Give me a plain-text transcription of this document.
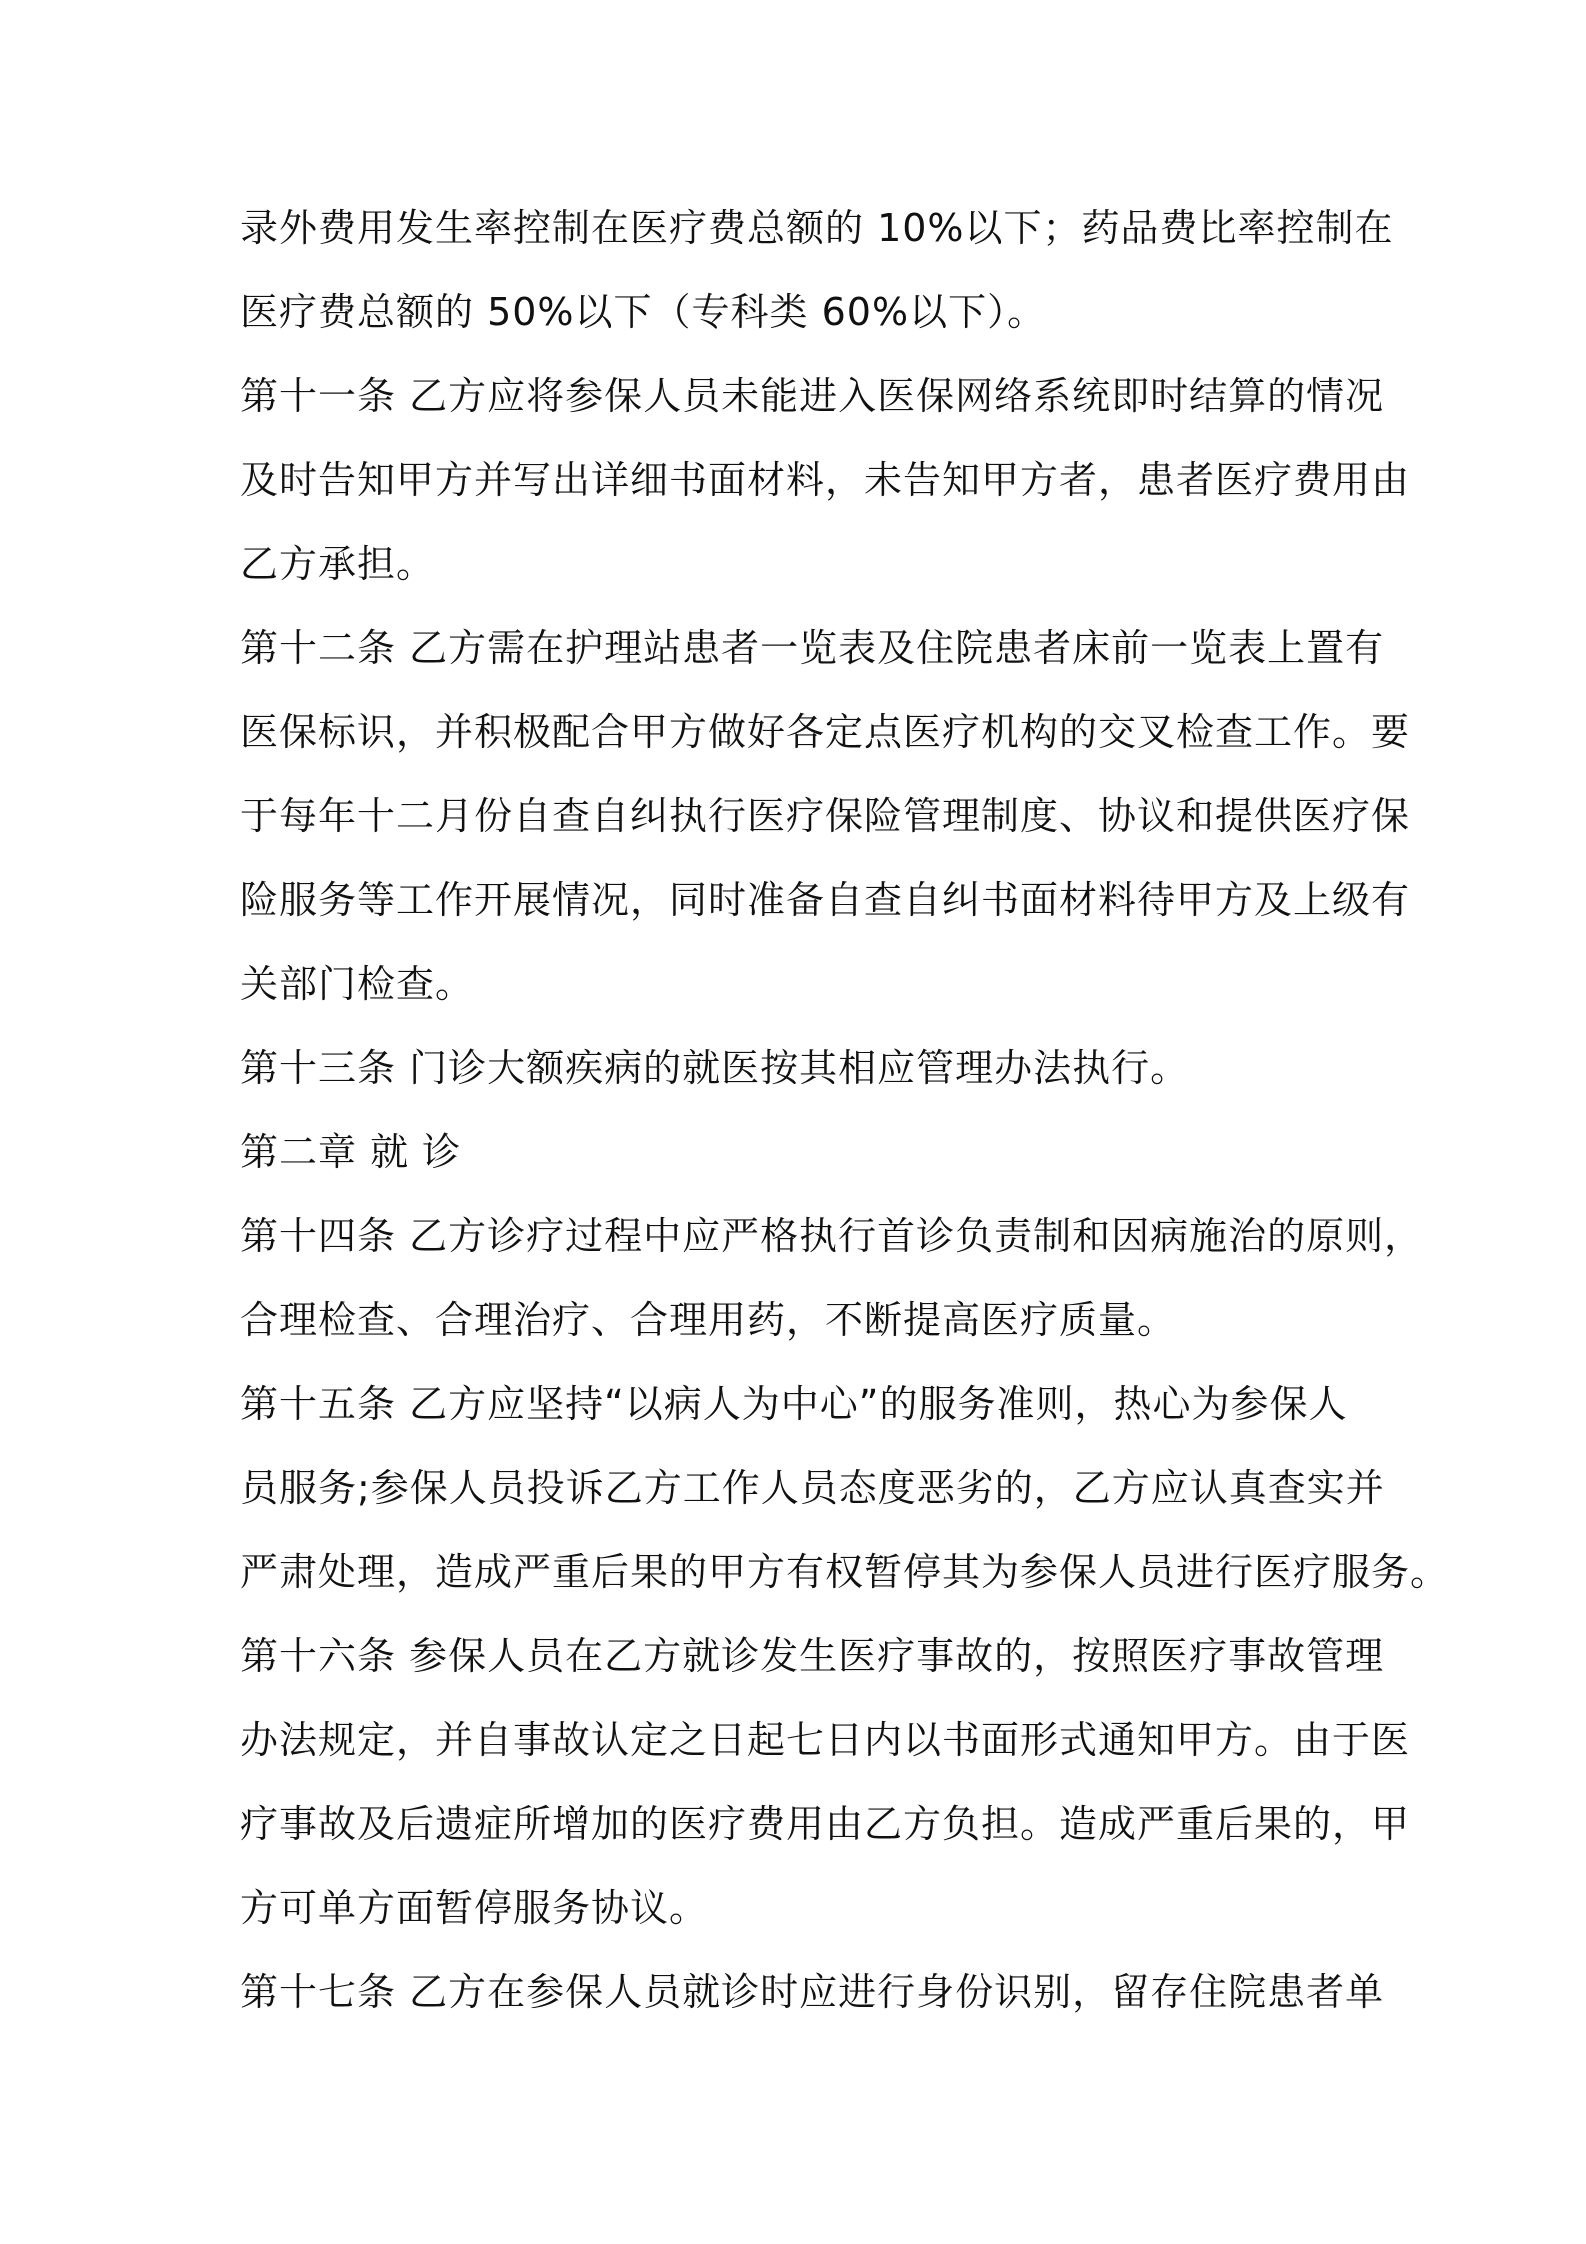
录外费用发生率控制在医疗费总额的 10%以下；药品费比率控制在
医疗费总额的 50%以下（专科类 60%以下）。
第十一条 乙方应将参保人员未能进入医保网络系统即时结算的情况
及时告知甲方并写出详细书面材料，未告知甲方者，患者医疗费用由
乙方承担。
第十二条 乙方需在护理站患者一览表及住院患者床前一览表上置有
医保标识，并积极配合甲方做好各定点医疗机构的交叉检查工作。要
于每年十二月份自查自纠执行医疗保险管理制度、协议和提供医疗保
险服务等工作开展情况，同时准备自查自纠书面材料待甲方及上级有
关部门检查。
第十三条 门诊大额疾病的就医按其相应管理办法执行。
第二章 就 诊
第十四条 乙方诊疗过程中应严格执行首诊负责制和因病施治的原则，
合理检查、合理治疗、合理用药，不断提高医疗质量。
第十五条 乙方应坚持“以病人为中心”的服务准则，热心为参保人
员服务;参保人员投诉乙方工作人员态度恶劣的，乙方应认真查实并
严肃处理，造成严重后果的甲方有权暂停其为参保人员进行医疗服务。
第十六条 参保人员在乙方就诊发生医疗事故的，按照医疗事故管理
办法规定，并自事故认定之日起七日内以书面形式通知甲方。由于医
疗事故及后遗症所增加的医疗费用由乙方负担。造成严重后果的，甲
方可单方面暂停服务协议。
第十七条 乙方在参保人员就诊时应进行身份识别，留存住院患者单
